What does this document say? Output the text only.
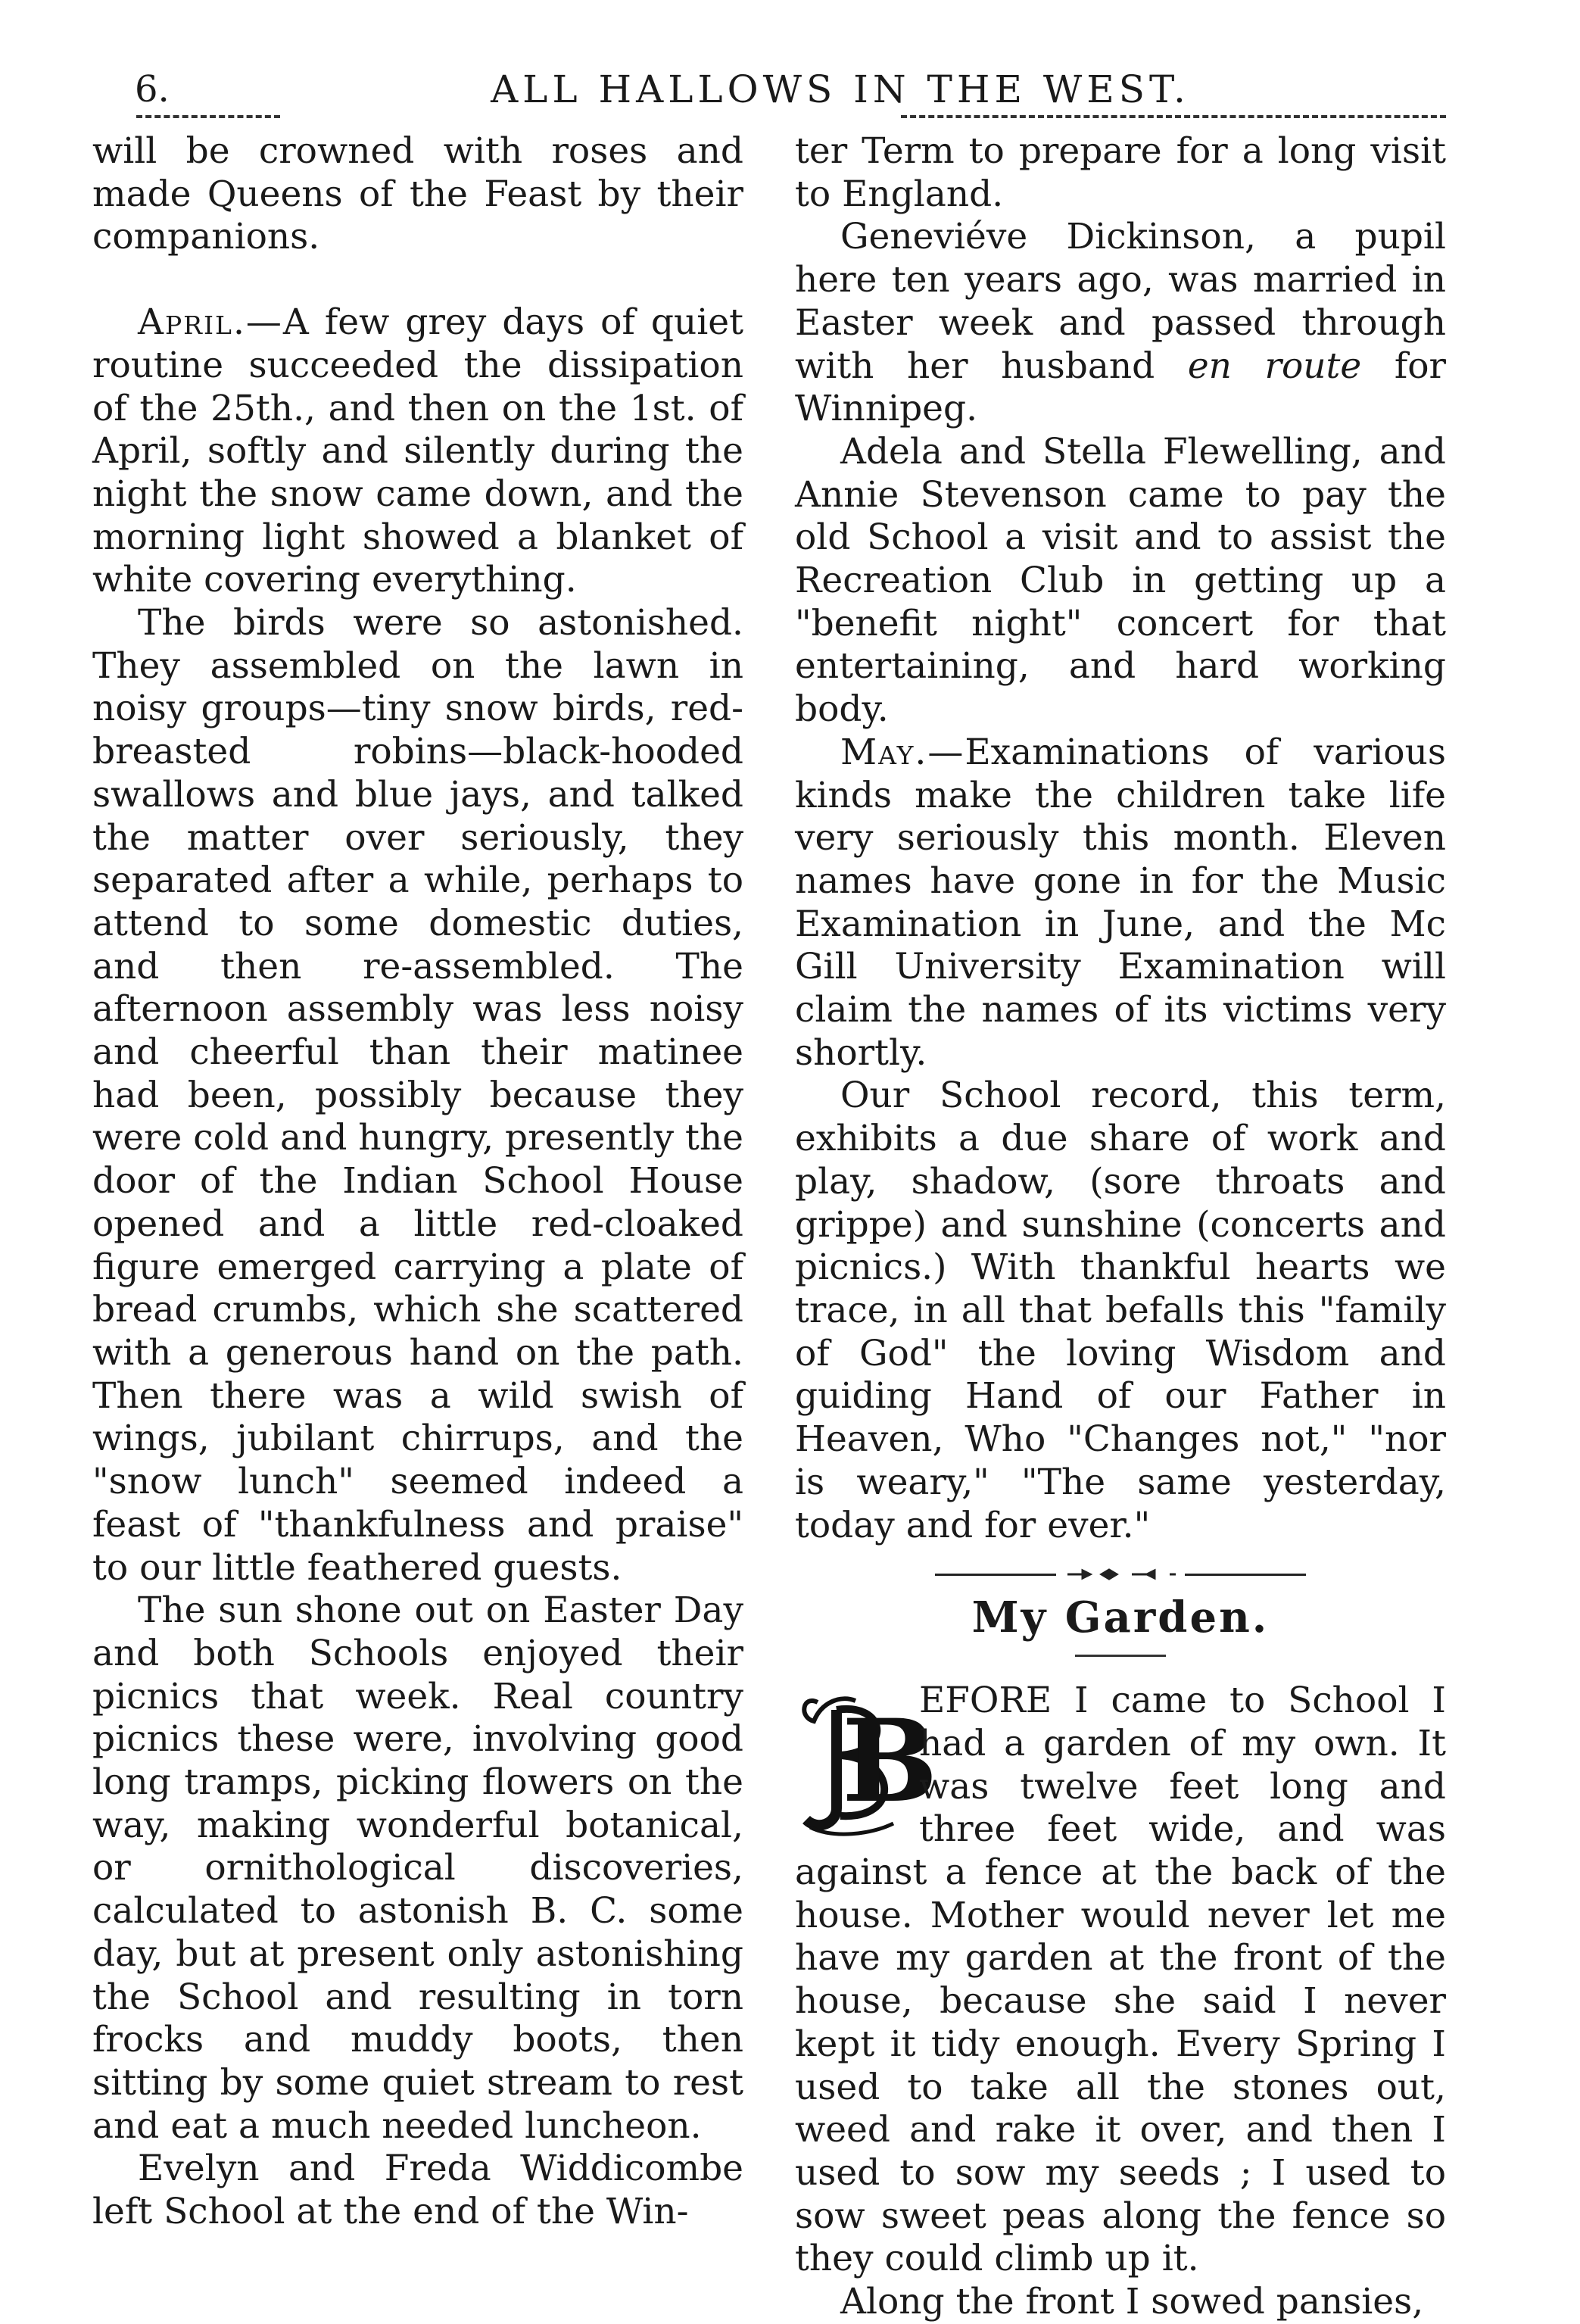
6.	ALL HALLOWS IN THE WEST.

will be crowned with roses and made Queens of the Feast by their companions.

April.—A few grey days of quiet routine succeeded the dissipation of the 25th., and then on the 1st. of April, softly and silently during the night the snow came down, and the morning light showed a blanket of white covering everything.

The birds were so astonished. They assembled on the lawn in noisy groups—tiny snow birds, red-breasted robins—black-hooded swallows and blue jays, and talked the matter over seriously, they separated after a while, perhaps to attend to some domestic duties, and then re-assembled. The afternoon assembly was less noisy and cheerful than their matinee had been, possibly because they were cold and hungry, presently the door of the Indian School House opened and a little red-cloaked figure emerged carrying a plate of bread crumbs, which she scattered with a generous hand on the path. Then there was a wild swish of wings, jubilant chirrups, and the "snow lunch" seemed indeed a feast of "thankfulness and praise" to our little feathered guests.

The sun shone out on Easter Day and both Schools enjoyed their picnics that week. Real country picnics these were, involving good long tramps, picking flowers on the way, making wonderful botanical, or ornithological discoveries, calculated to astonish B. C. some day, but at present only astonishing the School and resulting in torn frocks and muddy boots, then sitting by some quiet stream to rest and eat a much needed luncheon.

Evelyn and Freda Widdicombe left School at the end of the Win-

ter Term to prepare for a long visit to England.

Geneviéve Dickinson, a pupil here ten years ago, was married in Easter week and passed through with her husband en route for Winnipeg.

Adela and Stella Flewelling, and Annie Stevenson came to pay the old School a visit and to assist the Recreation Club in getting up a "benefit night" concert for that entertaining, and hard working body.

May.—Examinations of various kinds make the children take life very seriously this month. Eleven names have gone in for the Music Examination in June, and the Mc Gill University Examination will claim the names of its victims very shortly.

Our School record, this term, exhibits a due share of work and play, shadow, (sore throats and grippe) and sunshine (concerts and picnics.) With thankful hearts we trace, in all that befalls this "family of God" the loving Wisdom and guiding Hand of our Father in Heaven, Who "Changes not," "nor is weary," "The same yesterday, today and for ever."

My Garden.
B

EFORE I came to School I had a garden of my own. It was twelve feet long and three feet wide, and was against a fence at the back of the house. Mother would never let me have my garden at the front of the house, because she said I never kept it tidy enough. Every Spring I used to take all the stones out, weed and rake it over, and then I used to sow my seeds ; I used to sow sweet peas along the fence so they could climb up it.

Along the front I sowed pansies,
